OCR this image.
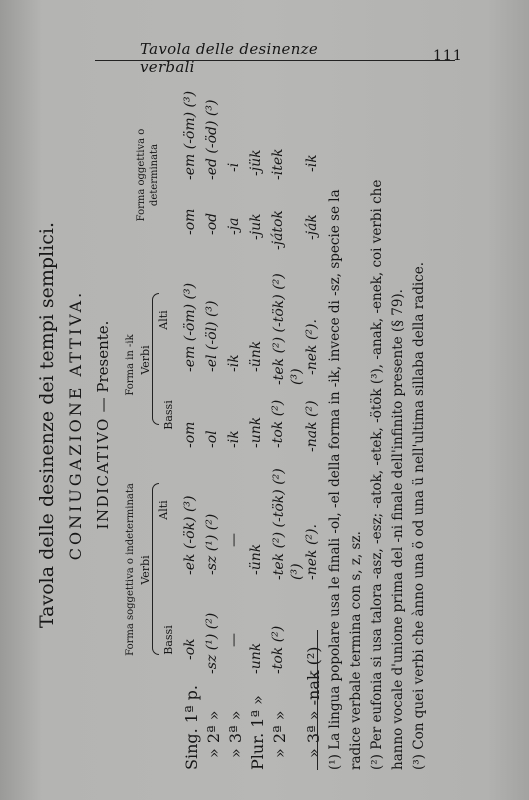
Tavola delle desinenze verbali
111
Tavola delle desinenze dei tempi semplici. CONIUGAZIONE ATTIVA. INDICATIVO — Presente.
Forma soggettiva o indeterminata Verbi
Bassi
Alti
Forma in -ik Verbi
Bassi
Alti
Forma oggettiva o determinata
Sing. 1ª p. » 2ª » » 3ª » Plur. 1ª » » 2ª » » 3ª » -nak (²)
-ok
-ek (-ök) (³)
-sz (¹) (²)
-sz (¹) (²)
—
—
-unk
-ünk
-tok (²)
-tek (²) (-tök) (²) (³) -nek (²).
-om
-em (-öm) (³)
-ol
-el (-öl) (³)
-ik
-ik
-unk
-ünk
-tok (²)
-tek (²) (-tök) (²) (³)
-nak (²)
-nek (²).
-om
-em (-öm) (³)
-od
-ed (-öd) (³)
-ja
-i
-juk
-jük
-játok
-itek
-ják
-ik
(¹) La lingua popolare usa le finali -ol, -el della forma in -ik, invece di -sz, specie se la radice verbale termina con s, z, sz. (²) Per eufonia si usa talora -asz, -esz; -atok, -etek, -ötök (³), -anak, -enek, coi verbi che hanno vocale d'unione prima del -ni finale dell'infinito presente (§ 79). (³) Con quei verbi che ànno una ö od una ü nell'ultima sillaba della radice.
